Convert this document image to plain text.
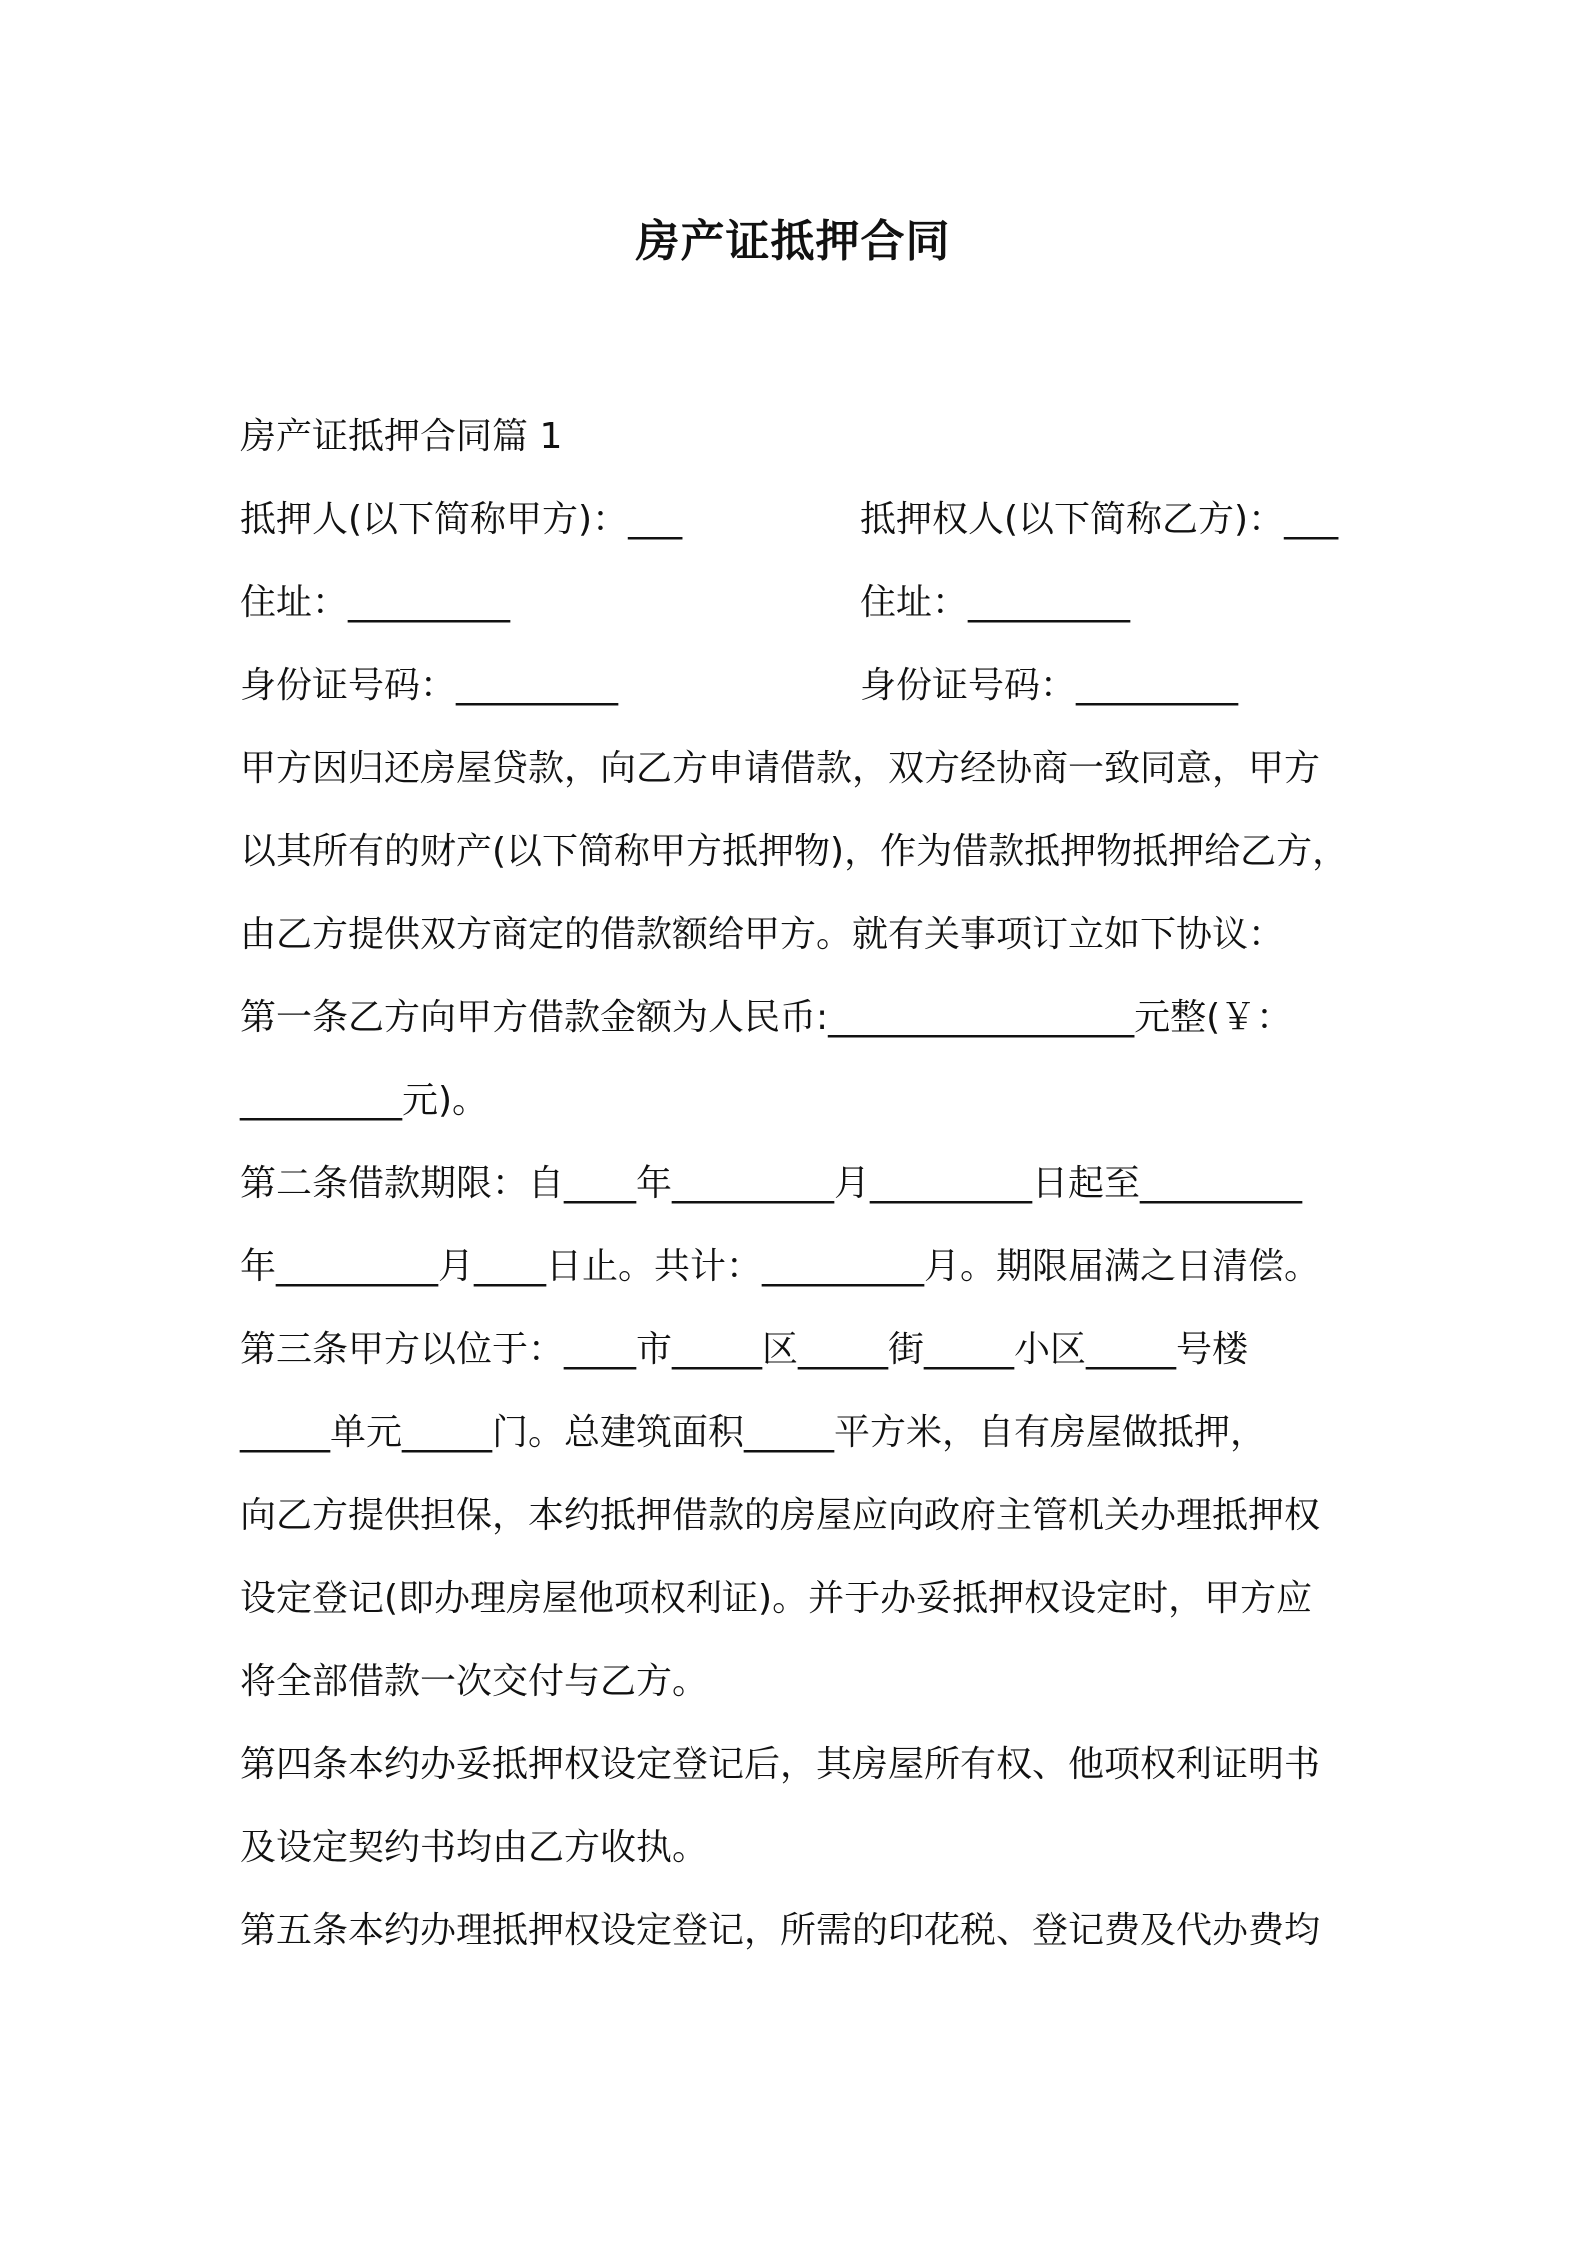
房产证抵押合同
房产证抵押合同篇 1
抵押人(以下简称甲方)：___	抵押权人(以下简称乙方)：___
住址：_________	住址：_________
身份证号码：_________	身份证号码：_________
甲方因归还房屋贷款，向乙方申请借款，双方经协商一致同意，甲方
以其所有的财产(以下简称甲方抵押物)，作为借款抵押物抵押给乙方，
由乙方提供双方商定的借款额给甲方。就有关事项订立如下协议：
第一条乙方向甲方借款金额为人民币:_________________元整(￥：
_________元)。
第二条借款期限：自____年_________月_________日起至_________
年_________月____日止。共计：_________月。期限届满之日清偿。
第三条甲方以位于：____市_____区_____街_____小区_____号楼
_____单元_____门。总建筑面积_____平方米，自有房屋做抵押，
向乙方提供担保，本约抵押借款的房屋应向政府主管机关办理抵押权
设定登记(即办理房屋他项权利证)。并于办妥抵押权设定时，甲方应
将全部借款一次交付与乙方。
第四条本约办妥抵押权设定登记后，其房屋所有权、他项权利证明书
及设定契约书均由乙方收执。
第五条本约办理抵押权设定登记，所需的印花税、登记费及代办费均
